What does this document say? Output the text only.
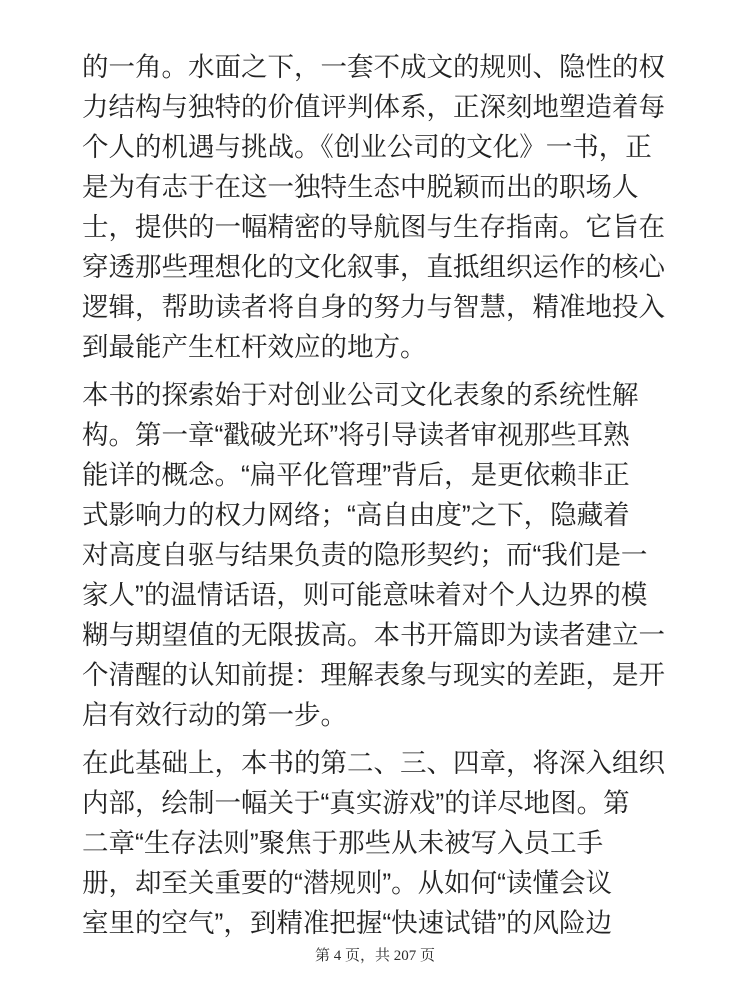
的一角。水面之下，一套不成文的规则、隐性的权
力结构与独特的价值评判体系，正深刻地塑造着每
个人的机遇与挑战。《创业公司的文化》一书，正
是为有志于在这一独特生态中脱颖而出的职场人
士，提供的一幅精密的导航图与生存指南。它旨在
穿透那些理想化的文化叙事，直抵组织运作的核心
逻辑，帮助读者将自身的努力与智慧，精准地投入
到最能产生杠杆效应的地方。
本书的探索始于对创业公司文化表象的系统性解
构。第一章“戳破光环”将引导读者审视那些耳熟
能详的概念。“扁平化管理”背后，是更依赖非正
式影响力的权力网络；“高自由度”之下，隐藏着
对高度自驱与结果负责的隐形契约；而“我们是一
家人”的温情话语，则可能意味着对个人边界的模
糊与期望值的无限拔高。本书开篇即为读者建立一
个清醒的认知前提：理解表象与现实的差距，是开
启有效行动的第一步。
在此基础上，本书的第二、三、四章，将深入组织
内部，绘制一幅关于“真实游戏”的详尽地图。第
二章“生存法则”聚焦于那些从未被写入员工手
册，却至关重要的“潜规则”。从如何“读懂会议
室里的空气”，到精准把握“快速试错”的风险边
第 4 页，共 207 页
